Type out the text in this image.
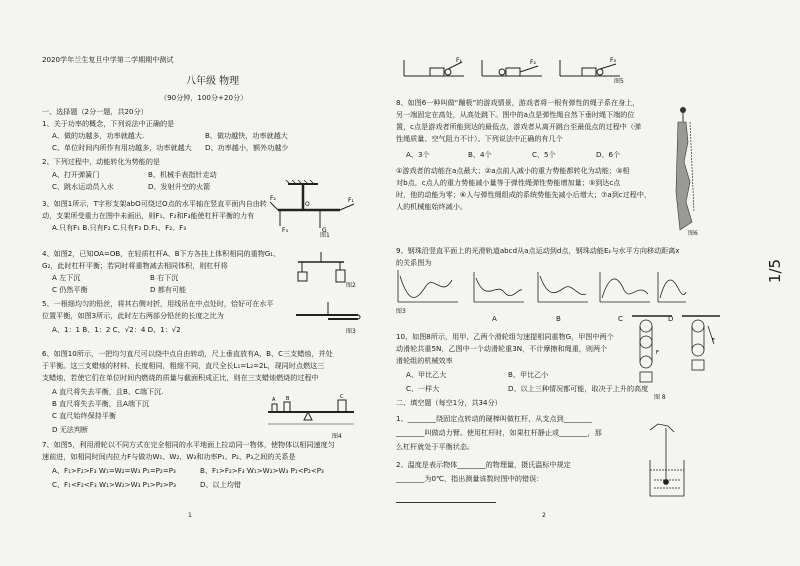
2020学年兰生复旦中学第二学期期中测试
八年级 物理
（90分钟，100分+20分）
一、选择题（2分一题，共20分）
1、关于功率的概念，下列说法中正确的是
A、做的功越多，功率就越大.	B、做功越快，功率就越大
C、单位时间内所作有用功越多，功率就越大 D、功率越小，额外功越少
2、下列过程中，动能转化为势能的是
A、打开弹簧门	B、机械手表指针走动
C、跳水运动员入水	D、发射升空的火箭
3、如图1所示，T字形支架abO可绕过O点的水平轴在竖直平面内自由转
动，支架所受重力在图中未画出，则F₁、F₂和F₃能使杠杆平衡的力有
A.只有F₁ B.只有F₂ C.只有F₃ D.F₁、F₂、F₃
F₂	F₁
F₃	G
O
图1
4、如图2，已知OA=OB，在轻质杠杆A、B下方各挂上体积相同的重物G₁、
G₂，此时杠杆平衡；若同时将重物减去相同体积，则杠杆将
A 左下沉	B 右下沉
C 仍然平衡	D 都有可能	图2
5、一根细均匀的铅丝，将其右侧对折，用线吊在中点处时，恰好可在水平
位置平衡，如图3所示，此时左右两部分铅丝的长度之比为
A、1：1 B、1：2 C、√2：4 D、1：√2	图3
6、如图10所示，一把均匀直尺可以绕中点自由转动，尺上垂直放有A、B、C三支蜡烛，并处
于平衡。这三支蜡烛的材料、长度相同，粗细不同，直尺全长L₁=L₂=2L，现同时点燃这三
支蜡烛，若使它们在单位时间内燃烧的质量与截面积成正比，则在三支蜡烛燃烧的过程中
A 直尺将失去平衡，且B、C端下沉.
B 直尺将失去平衡，且A端下沉
C 直尺始终保持平衡
D 无法判断
A B	C
图4
7、如图5，利用滑轮以不同方式在完全相同的水平地面上拉动同一物体，使物体以相同速度匀
速前进，如相同时间内拉力F与做功W₁、W₂、W₃和功率P₁、P₂、P₃之间的关系是
A、F₁>F₂>F₃ W₁=W₂=W₃ P₁=P₂=P₃	B、F₁>F₂>F₃ W₁>W₂>W₃ P₁<P₂<P₃
C、F₁<F₂<F₃ W₁>W₂>W₃ P₁>P₂>P₃	D、以上均错
1
F₁	F₂	F₃
图5
8、如图6一种叫做“蹦极”的游戏情景，游戏者将一根有弹性的绳子系在身上，
另一端固定在高处，从高处跳下。图中的a点是弹性绳自然下垂时绳下端的位
置，c点是游戏者所能到达的最低点，游戏者从离开跳台至最低点的过程中（弹
性绳质量、空气阻力不计）。下列说法中正确的有几个
A、3个	B、4个	C、5个	D、6个
①游戏者的动能在a点最大；②a点前人减小的重力势能都转化为动能；③相
对b点，c点人的重力势能减小量等于弹性绳弹性势能增加量；⑤到达c点
时，他的动能为零；⑥人与弹性绳组成的系统势能先减小后增大；⑦a到c过程中，
人的机械能始终减小。
图6
9、钢珠沿竖直平面上的光滑轨道abcd从a点运动到d点，钢珠动能Eₖ与水平方向移动距离x
的关系图为
图3
A	B	C	D
10、如图8所示，用甲、乙两个滑轮组匀速提相同重物G，甲图中两个
动滑轮共重5N，乙图中一个动滑轮重3N，不计摩擦和绳重，则两个
滑轮组的机械效率
A、甲比乙大	B、甲比乙小
C、一样大	D、以上三种情况都可能，取决于上升的高度
F
F
图 8
二、填空题（每空1分，共34分）
1、________绕固定点转动的硬棒叫做杠杆，从支点到________
________叫做动力臂。使用杠杆时，如果杠杆静止或________，那
么杠杆就处于平衡状态。
2、温度是表示物体________的物理量，摄氏温标中规定
________为0℃，指出测量该数时图中的错误：
2
1/5
